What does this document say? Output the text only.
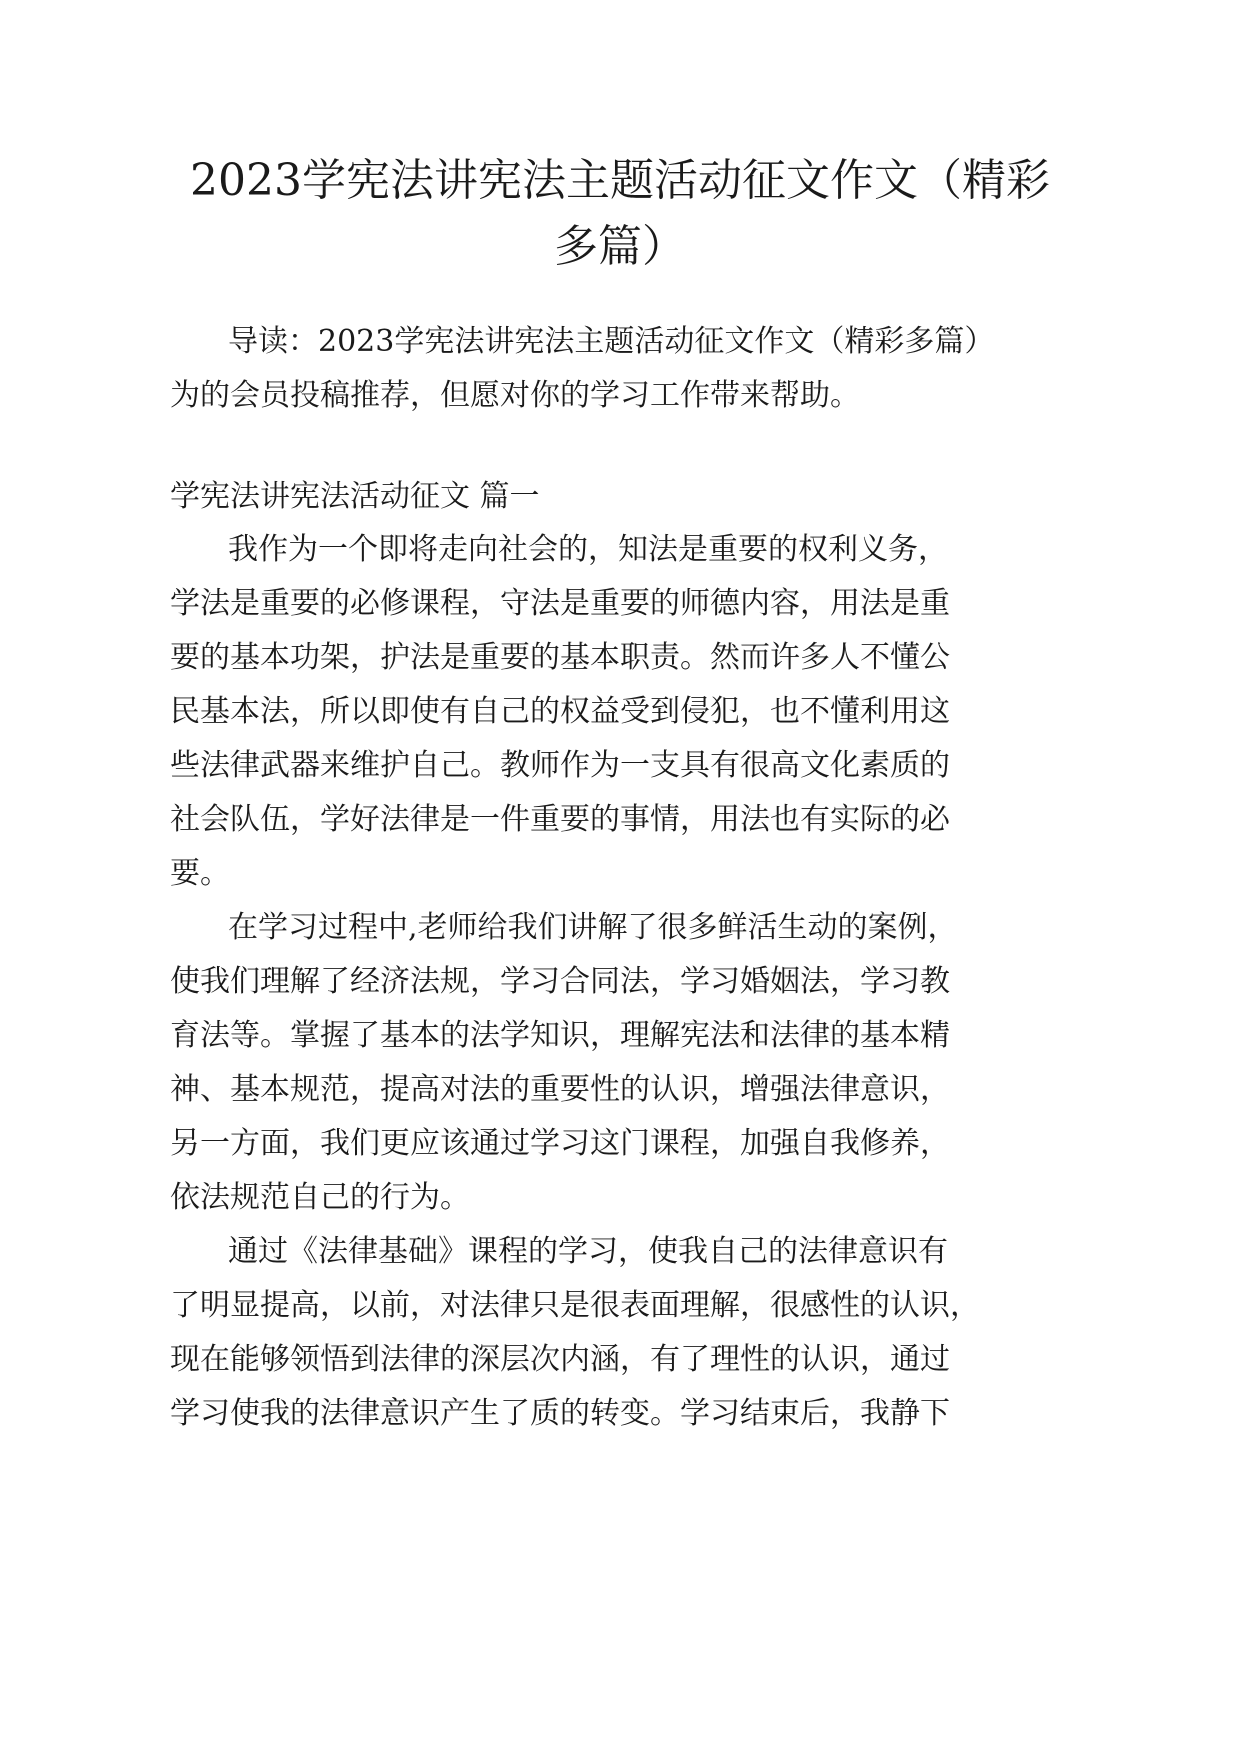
2023学宪法讲宪法主题活动征文作文（精彩
多篇）

导读：2023学宪法讲宪法主题活动征文作文（精彩多篇）

为的会员投稿推荐，但愿对你的学习工作带来帮助。

学宪法讲宪法活动征文 篇一

我作为一个即将走向社会的，知法是重要的权利义务，

学法是重要的必修课程，守法是重要的师德内容，用法是重

要的基本功架，护法是重要的基本职责。然而许多人不懂公

民基本法，所以即使有自己的权益受到侵犯，也不懂利用这

些法律武器来维护自己。教师作为一支具有很高文化素质的

社会队伍，学好法律是一件重要的事情，用法也有实际的必

要。

在学习过程中,老师给我们讲解了很多鲜活生动的案例，

使我们理解了经济法规，学习合同法，学习婚姻法，学习教

育法等。掌握了基本的法学知识，理解宪法和法律的基本精

神、基本规范，提高对法的重要性的认识，增强法律意识，

另一方面，我们更应该通过学习这门课程，加强自我修养，

依法规范自己的行为。

通过《法律基础》课程的学习，使我自己的法律意识有

了明显提高，以前，对法律只是很表面理解，很感性的认识，

现在能够领悟到法律的深层次内涵，有了理性的认识，通过

学习使我的法律意识产生了质的转变。学习结束后，我静下
